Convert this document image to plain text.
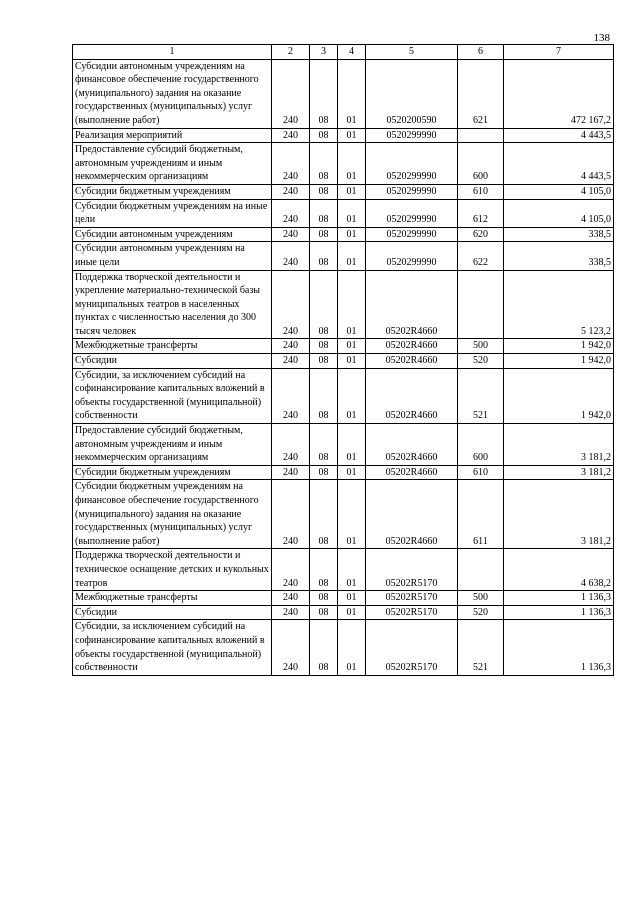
138
1	2	3	4	5	6	7
Субсидии автономным учреждениям на финансовое обеспечение государственного (муниципального) задания на оказание государственных (муниципальных) услуг (выполнение работ)	240	08	01	0520200590	621	472 167,2
Реализация мероприятий	240	08	01	0520299990		4 443,5
Предоставление субсидий бюджетным, автономным учреждениям и иным некоммерческим организациям	240	08	01	0520299990	600	4 443,5
Субсидии бюджетным учреждениям	240	08	01	0520299990	610	4 105,0
Субсидии бюджетным учреждениям на иные цели	240	08	01	0520299990	612	4 105,0
Субсидии автономным учреждениям	240	08	01	0520299990	620	338,5
Субсидии автономным учреждениям на иные цели	240	08	01	0520299990	622	338,5
Поддержка творческой деятельности и укрепление материально-технической базы муниципальных театров в населенных пунктах с численностью населения до 300 тысяч человек	240	08	01	05202R4660		5 123,2
Межбюджетные трансферты	240	08	01	05202R4660	500	1 942,0
Субсидии	240	08	01	05202R4660	520	1 942,0
Субсидии, за исключением субсидий на софинансирование капитальных вложений в объекты государственной (муниципальной) собственности	240	08	01	05202R4660	521	1 942,0
Предоставление субсидий бюджетным, автономным учреждениям и иным некоммерческим организациям	240	08	01	05202R4660	600	3 181,2
Субсидии бюджетным учреждениям	240	08	01	05202R4660	610	3 181,2
Субсидии бюджетным учреждениям на финансовое обеспечение государственного (муниципального) задания на оказание государственных (муниципальных) услуг (выполнение работ)	240	08	01	05202R4660	611	3 181,2
Поддержка творческой деятельности и техническое оснащение детских и кукольных театров	240	08	01	05202R5170		4 638,2
Межбюджетные трансферты	240	08	01	05202R5170	500	1 136,3
Субсидии	240	08	01	05202R5170	520	1 136,3
Субсидии, за исключением субсидий на софинансирование капитальных вложений в объекты государственной (муниципальной) собственности	240	08	01	05202R5170	521	1 136,3
